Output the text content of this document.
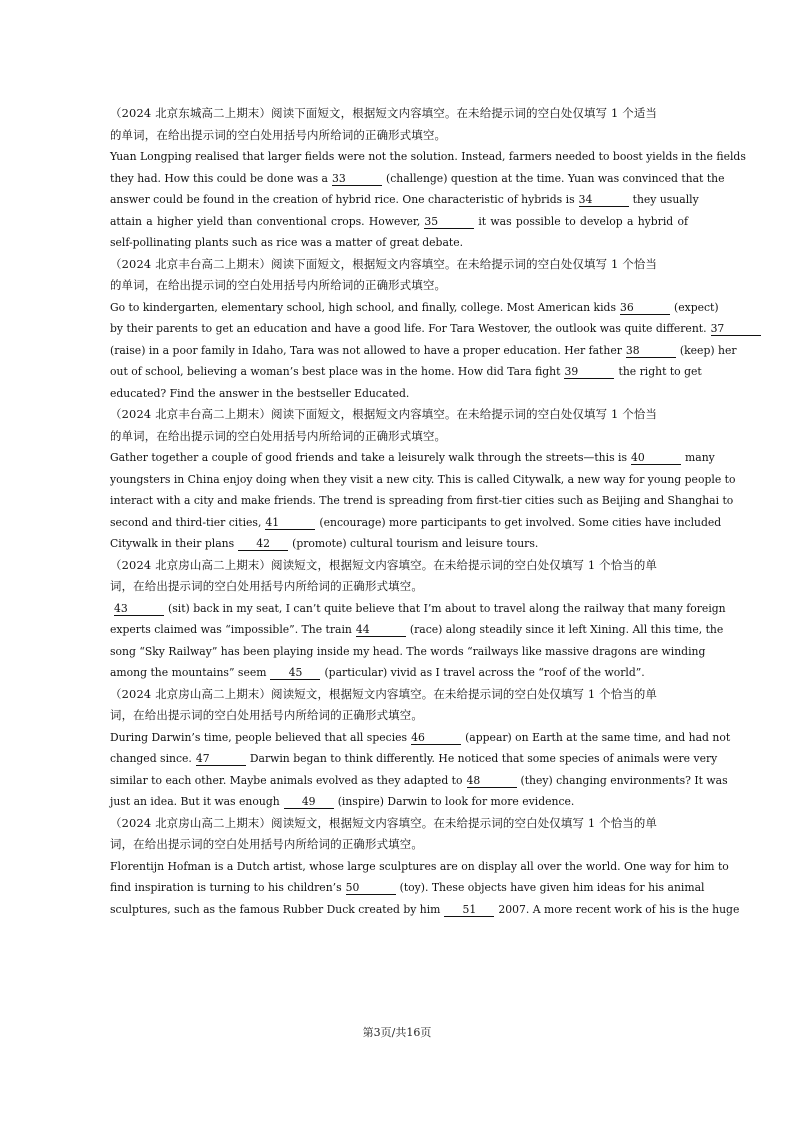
（2024 北京东城高二上期末）阅读下面短文，根据短文内容填空。在未给提示词的空白处仅填写 1 个适当
的单词，在给出提示词的空白处用括号内所给词的正确形式填空。
Yuan Longping realised that larger fields were not the solution. Instead, farmers needed to boost yields in the fields
they had. How this could be done was a 33	(challenge) question at the time. Yuan was convinced that the
answer could be found in the creation of hybrid rice. One characteristic of hybrids is 34	they usually
attain a higher yield than conventional crops. However, 35	it was possible to develop a hybrid of
self-pollinating plants such as rice was a matter of great debate.
（2024 北京丰台高二上期末）阅读下面短文，根据短文内容填空。在未给提示词的空白处仅填写 1 个恰当
的单词，在给出提示词的空白处用括号内所给词的正确形式填空。
Go to kindergarten, elementary school, high school, and finally, college. Most American kids 36	(expect)
by their parents to get an education and have a good life. For Tara Westover, the outlook was quite different. 37
(raise) in a poor family in Idaho, Tara was not allowed to have a proper education. Her father 38	(keep) her
out of school, believing a woman’s best place was in the home. How did Tara fight 39	the right to get
educated? Find the answer in the bestseller Educated.
（2024 北京丰台高二上期末）阅读下面短文，根据短文内容填空。在未给提示词的空白处仅填写 1 个恰当
的单词，在给出提示词的空白处用括号内所给词的正确形式填空。
Gather together a couple of good friends and take a leisurely walk through the streets—this is 40	many
youngsters in China enjoy doing when they visit a new city. This is called Citywalk, a new way for young people to
interact with a city and make friends. The trend is spreading from first-tier cities such as Beijing and Shanghai to
second and third-tier cities, 41	(encourage) more participants to get involved. Some cities have included
Citywalk in their plans 42 (promote) cultural tourism and leisure tours.
（2024 北京房山高二上期末）阅读短文，根据短文内容填空。在未给提示词的空白处仅填写 1 个恰当的单
词，在给出提示词的空白处用括号内所给词的正确形式填空。
43	(sit) back in my seat, I can’t quite believe that I’m about to travel along the railway that many foreign
experts claimed was “impossible”. The train 44	(race) along steadily since it left Xining. All this time, the
song “Sky Railway” has been playing inside my head. The words “railways like massive dragons are winding
among the mountains” seem 45 (particular) vivid as I travel across the “roof of the world”.
（2024 北京房山高二上期末）阅读短文，根据短文内容填空。在未给提示词的空白处仅填写 1 个恰当的单
词，在给出提示词的空白处用括号内所给词的正确形式填空。
During Darwin’s time, people believed that all species 46	(appear) on Earth at the same time, and had not
changed since. 47	Darwin began to think differently. He noticed that some species of animals were very
similar to each other. Maybe animals evolved as they adapted to 48	(they) changing environments? It was
just an idea. But it was enough 49 (inspire) Darwin to look for more evidence.
（2024 北京房山高二上期末）阅读短文，根据短文内容填空。在未给提示词的空白处仅填写 1 个恰当的单
词，在给出提示词的空白处用括号内所给词的正确形式填空。
Florentijn Hofman is a Dutch artist, whose large sculptures are on display all over the world. One way for him to
find inspiration is turning to his children’s 50	(toy). These objects have given him ideas for his animal
sculptures, such as the famous Rubber Duck created by him 51 2007. A more recent work of his is the huge
第3页/共16页
